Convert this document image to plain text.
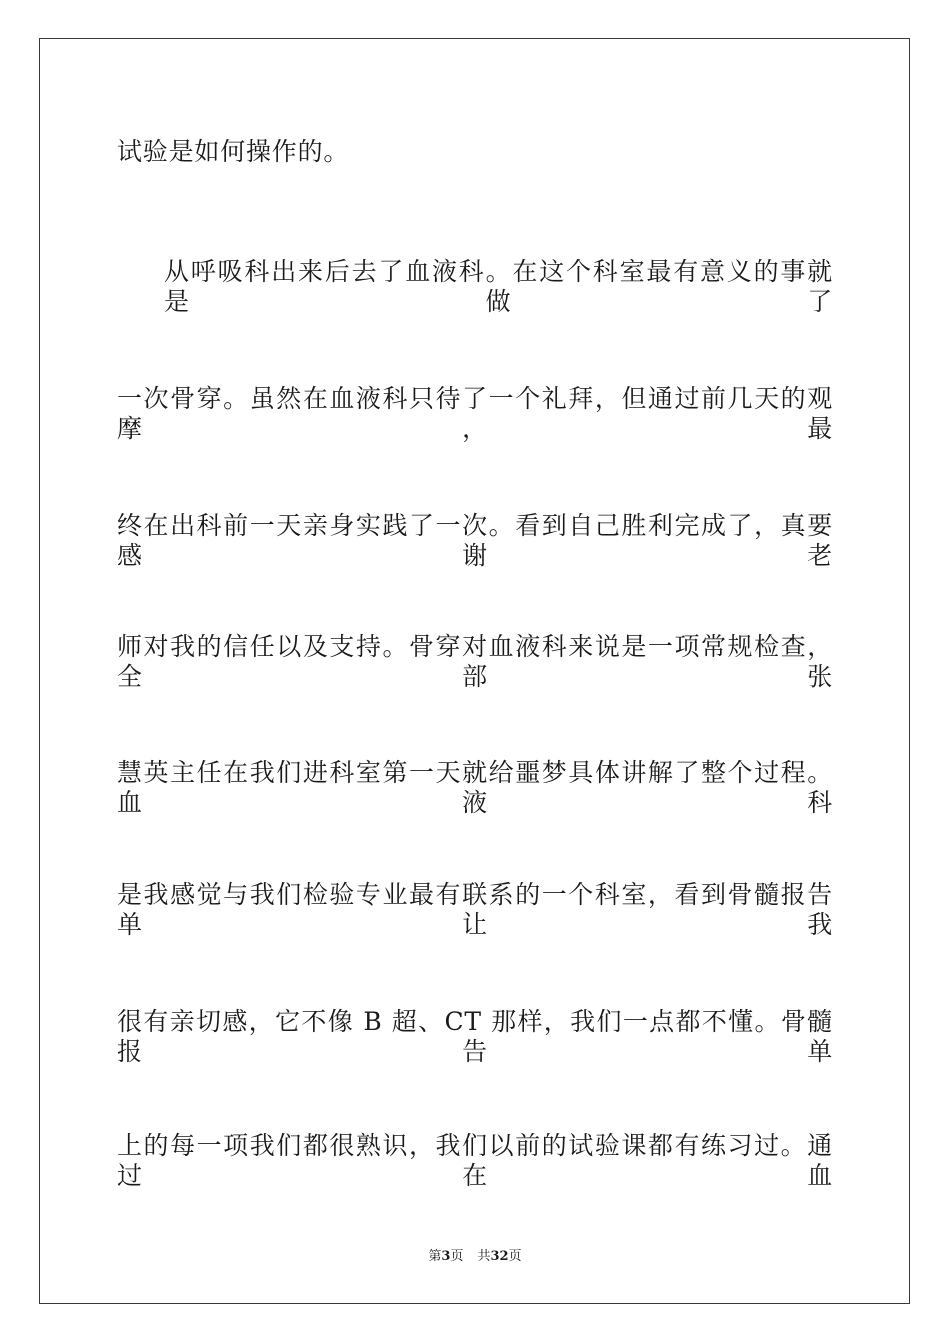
试验是如何操作的。
从呼吸科出来后去了血液科。在这个科室最有意义的事就是做了
一次骨穿。虽然在血液科只待了一个礼拜，但通过前几天的观摩，最
终在出科前一天亲身实践了一次。看到自己胜利完成了，真要感谢老
师对我的信任以及支持。骨穿对血液科来说是一项常规检查，全部张
慧英主任在我们进科室第一天就给噩梦具体讲解了整个过程。血液科
是我感觉与我们检验专业最有联系的一个科室，看到骨髓报告单让我
很有亲切感，它不像 B 超、CT 那样，我们一点都不懂。骨髓报告单
上的每一项我们都很熟识，我们以前的试验课都有练习过。通过在血
第3页 共32页
